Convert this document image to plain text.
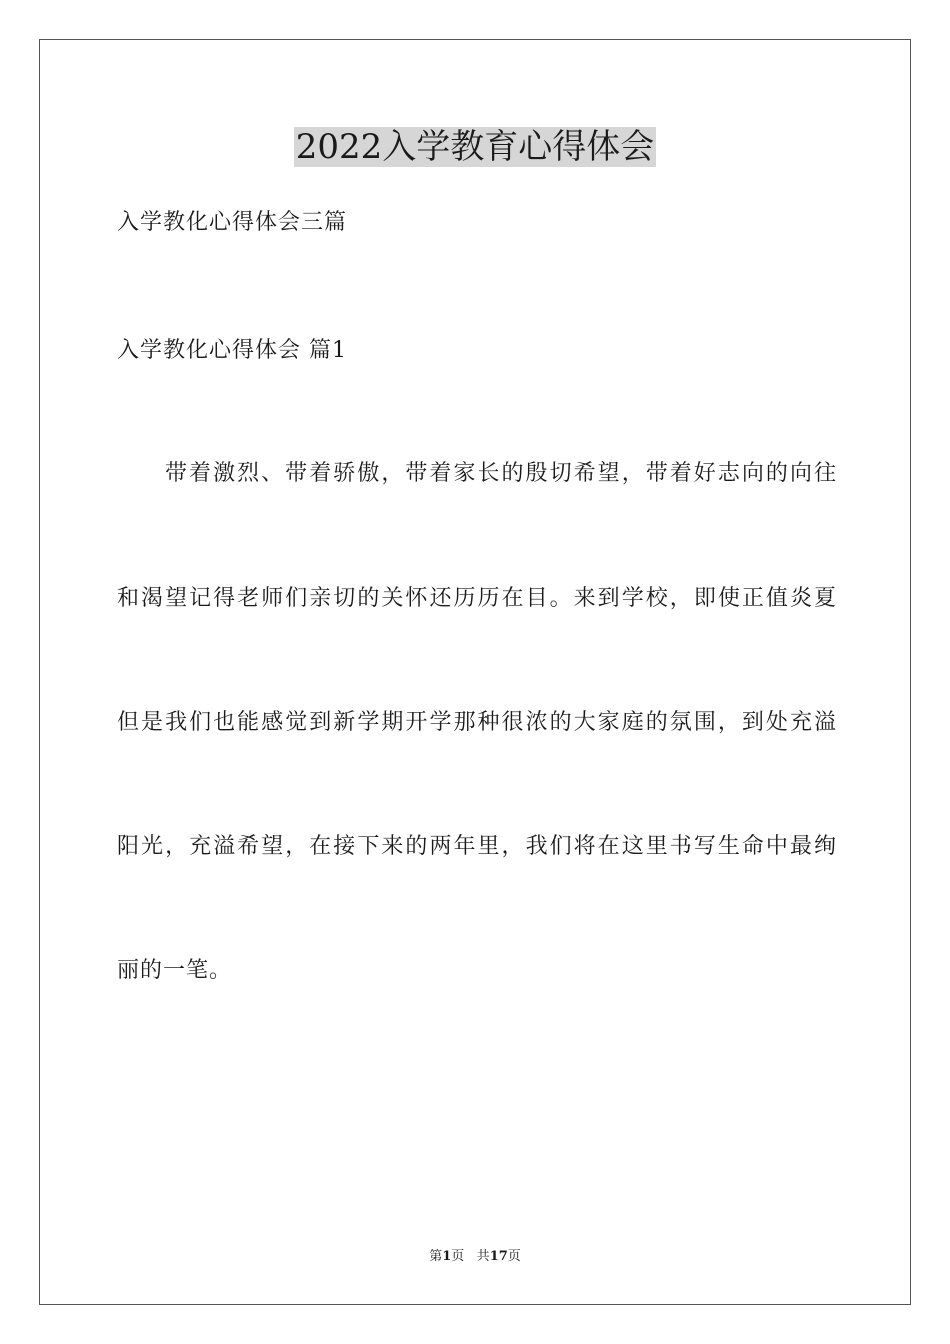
2022入学教育心得体会

入学教化心得体会三篇

入学教化心得体会 篇1

带着激烈、带着骄傲，带着家长的殷切希望，带着好志向的向往

和渴望记得老师们亲切的关怀还历历在目。来到学校，即使正值炎夏

但是我们也能感觉到新学期开学那种很浓的大家庭的氛围，到处充溢

阳光，充溢希望，在接下来的两年里，我们将在这里书写生命中最绚

丽的一笔。

第1页 共17页
